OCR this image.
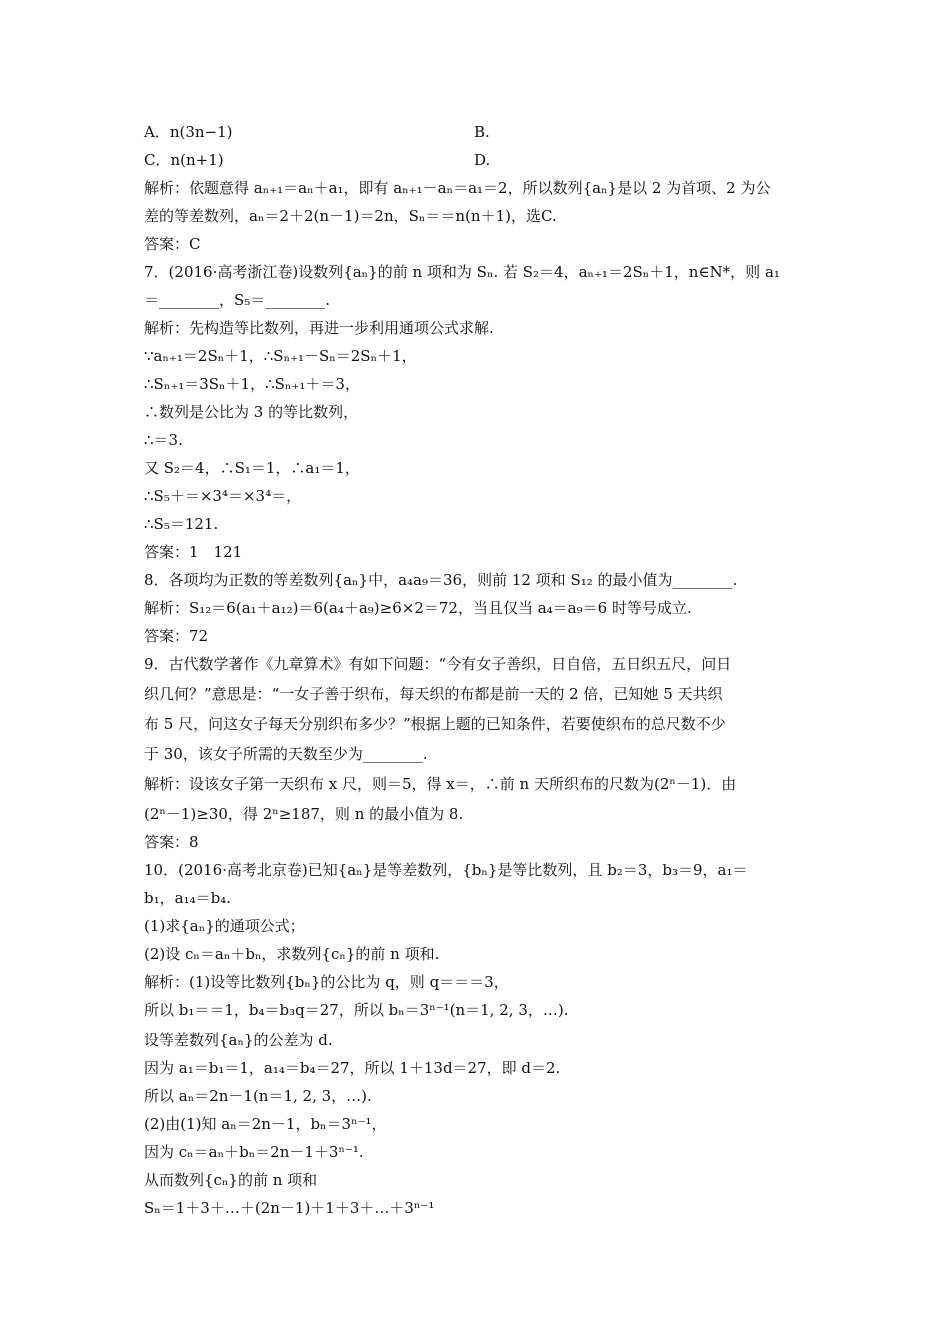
A．n(3n−1)	B.
C．n(n+1)	D.
解析：依题意得 aₙ₊₁＝aₙ＋a₁，即有 aₙ₊₁－aₙ＝a₁＝2，所以数列{aₙ}是以 2 为首项、2 为公
差的等差数列，aₙ＝2＋2(n－1)＝2n，Sₙ＝＝n(n＋1)，选C.
答案：C
7．(2016·高考浙江卷)设数列{aₙ}的前 n 项和为 Sₙ. 若 S₂＝4，aₙ₊₁＝2Sₙ＋1，n∈N*，则 a₁
＝________，S₅＝________.
解析：先构造等比数列，再进一步利用通项公式求解.
∵aₙ₊₁＝2Sₙ＋1，∴Sₙ₊₁－Sₙ＝2Sₙ＋1，
∴Sₙ₊₁＝3Sₙ＋1，∴Sₙ₊₁＋＝3，
∴数列是公比为 3 的等比数列，
∴＝3.
又 S₂＝4，∴S₁＝1，∴a₁＝1，
∴S₅＋＝×3⁴＝×3⁴＝，
∴S₅＝121.
答案：1　121
8．各项均为正数的等差数列{aₙ}中，a₄a₉＝36，则前 12 项和 S₁₂ 的最小值为________.
解析：S₁₂＝6(a₁＋a₁₂)＝6(a₄＋a₉)≥6×2＝72，当且仅当 a₄＝a₉＝6 时等号成立.
答案：72
9．古代数学著作《九章算术》有如下问题：“今有女子善织，日自倍，五日织五尺，问日
织几何？”意思是：“一女子善于织布，每天织的布都是前一天的 2 倍，已知她 5 天共织
布 5 尺，问这女子每天分别织布多少？”根据上题的已知条件，若要使织布的总尺数不少
于 30，该女子所需的天数至少为________.
解析：设该女子第一天织布 x 尺，则＝5，得 x＝，∴前 n 天所织布的尺数为(2ⁿ－1)．由
(2ⁿ－1)≥30，得 2ⁿ≥187，则 n 的最小值为 8.
答案：8
10．(2016·高考北京卷)已知{aₙ}是等差数列，{bₙ}是等比数列，且 b₂＝3，b₃＝9，a₁＝
b₁，a₁₄＝b₄.
(1)求{aₙ}的通项公式；
(2)设 cₙ＝aₙ＋bₙ，求数列{cₙ}的前 n 项和.
解析：(1)设等比数列{bₙ}的公比为 q，则 q＝＝＝3，
所以 b₁＝＝1，b₄＝b₃q＝27，所以 bₙ＝3ⁿ⁻¹(n＝1, 2, 3，…).
设等差数列{aₙ}的公差为 d.
因为 a₁＝b₁＝1，a₁₄＝b₄＝27，所以 1＋13d＝27，即 d＝2.
所以 aₙ＝2n－1(n＝1, 2, 3，…).
(2)由(1)知 aₙ＝2n－1，bₙ＝3ⁿ⁻¹，
因为 cₙ＝aₙ＋bₙ＝2n－1＋3ⁿ⁻¹.
从而数列{cₙ}的前 n 项和
Sₙ＝1＋3＋…＋(2n－1)＋1＋3＋…＋3ⁿ⁻¹
